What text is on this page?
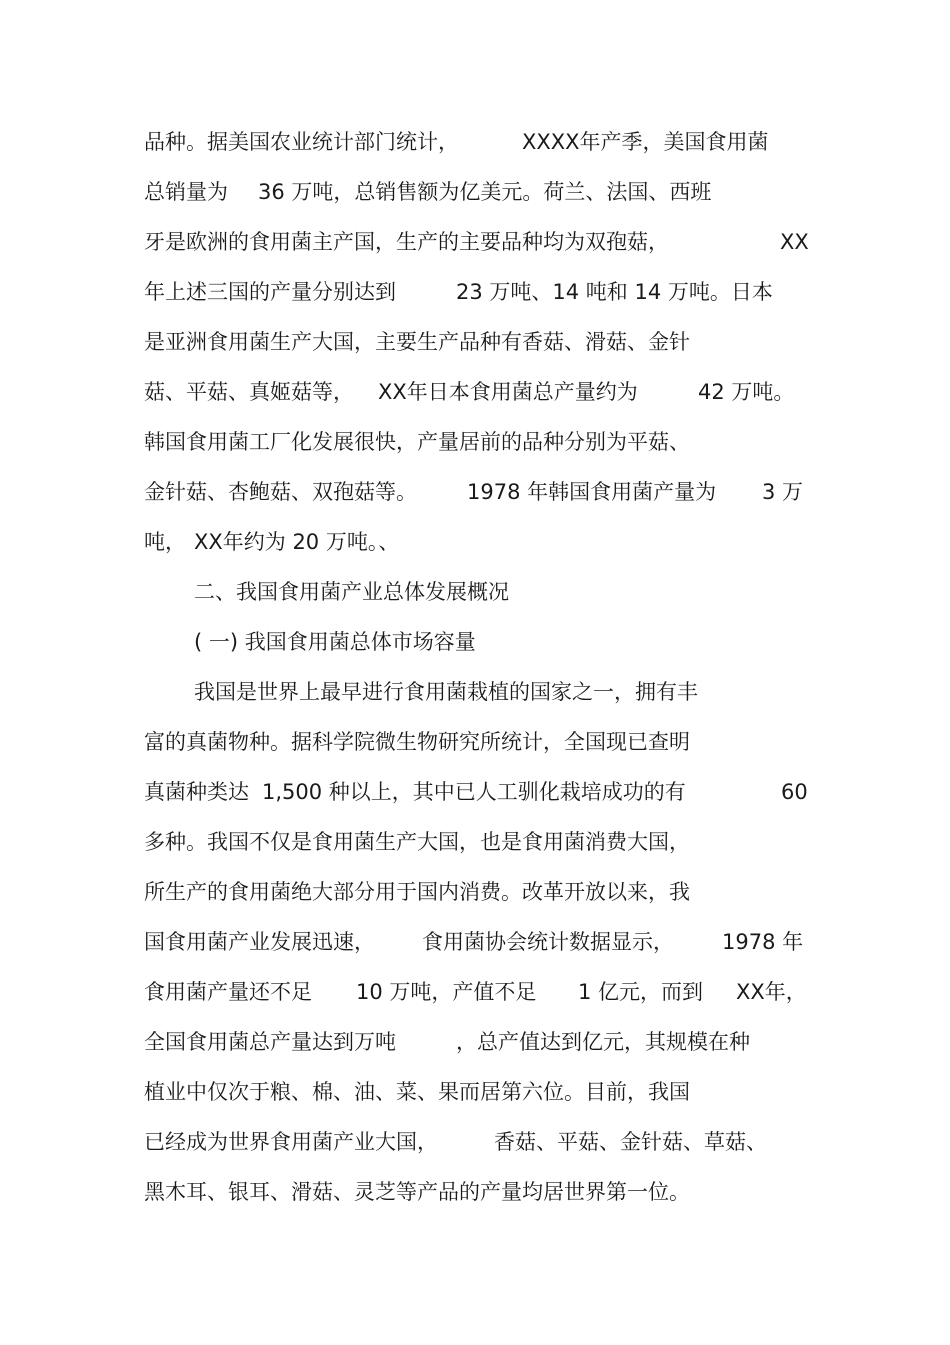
品种。据美国农业统计部门统计，	XXXX年产季，美国食用菌
总销量为 36 万吨，总销售额为亿美元。荷兰、法国、西班
牙是欧洲的食用菌主产国，生产的主要品种均为双孢菇，	XX
年上述三国的产量分别达到	23 万吨、14 吨和 14 万吨。日本
是亚洲食用菌生产大国，主要生产品种有香菇、滑菇、金针
菇、平菇、真姬菇等， XX年日本食用菌总产量约为	42 万吨。
韩国食用菌工厂化发展很快，产量居前的品种分别为平菇、
金针菇、杏鲍菇、双孢菇等。 1978 年韩国食用菌产量为 3 万
吨， XX年约为 20 万吨。、
二、我国食用菌产业总体发展概况
( 一) 我国食用菌总体市场容量
我国是世界上最早进行食用菌栽植的国家之一，拥有丰
富的真菌物种。据科学院微生物研究所统计，全国现已查明
真菌种类达 1,500 种以上，其中已人工驯化栽培成功的有	60
多种。我国不仅是食用菌生产大国，也是食用菌消费大国，
所生产的食用菌绝大部分用于国内消费。改革开放以来，我
国食用菌产业发展迅速， 食用菌协会统计数据显示， 1978 年
食用菌产量还不足 10 万吨，产值不足 1 亿元，而到 XX年，
全国食用菌总产量达到万吨	，总产值达到亿元，其规模在种
植业中仅次于粮、棉、油、菜、果而居第六位。目前，我国
已经成为世界食用菌产业大国，	香菇、平菇、金针菇、草菇、
黑木耳、银耳、滑菇、灵芝等产品的产量均居世界第一位。
